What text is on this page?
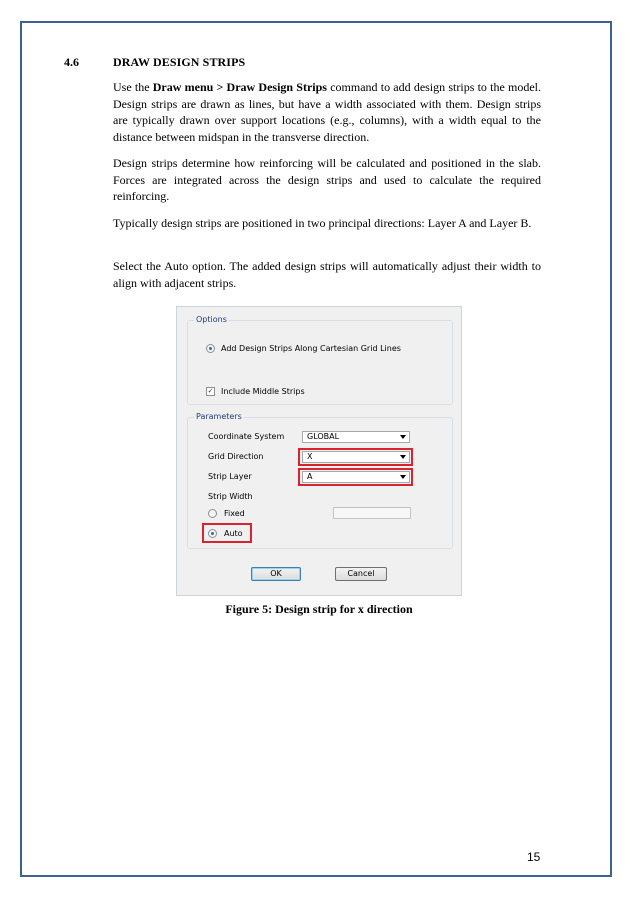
4.6	DRAW DESIGN STRIPS
Use the Draw menu > Draw Design Strips command to add design strips to the model. Design strips are drawn as lines, but have a width associated with them. Design strips are typically drawn over support locations (e.g., columns), with a width equal to the distance between midspan in the transverse direction.
Design strips determine how reinforcing will be calculated and positioned in the slab. Forces are integrated across the design strips and used to calculate the required reinforcing.
Typically design strips are positioned in two principal directions: Layer A and Layer B.
Select the Auto option. The added design strips will automatically adjust their width to align with adjacent strips.
Options
Add Design Strips Along Cartesian Grid Lines
✓ Include Middle Strips
Parameters
Coordinate System	GLOBAL
Grid Direction	X
Strip Layer	A
Strip Width
Fixed
Auto
OK	Cancel
Figure 5: Design strip for x direction
15
